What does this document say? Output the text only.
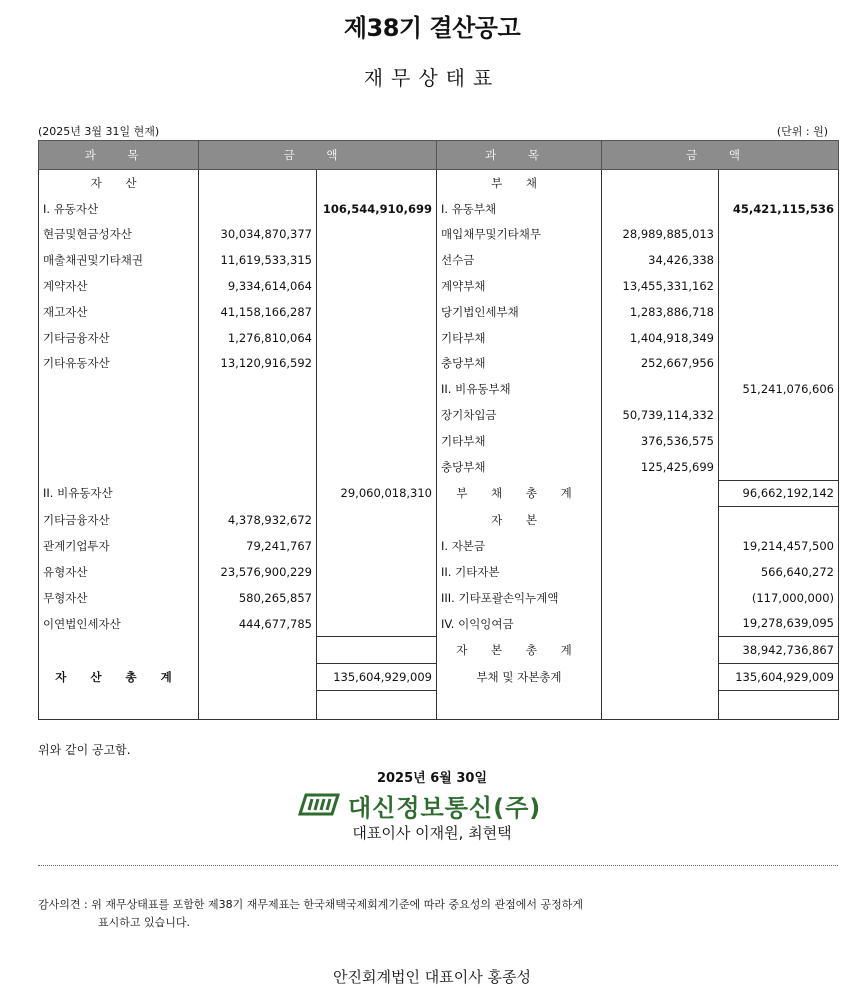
제38기 결산공고
재무상태표
(2025년 3월 31일 현재)	(단위 : 원)
과 목	금 액		과 목	금 액	
자 산			부 채		
I. 유동자산		106,544,910,699	I. 유동부채		45,421,115,536
현금및현금성자산	30,034,870,377		매입채무및기타채무	28,989,885,013	
매출채권및기타채권	11,619,533,315		선수금	34,426,338	
계약자산	9,334,614,064		계약부채	13,455,331,162	
재고자산	41,158,166,287		당기법인세부채	1,283,886,718	
기타금융자산	1,276,810,064		기타부채	1,404,918,349	
기타유동자산	13,120,916,592		충당부채	252,667,956	
			II. 비유동부채		51,241,076,606
			장기차입금	50,739,114,332	
			기타부채	376,536,575	
			충당부채	125,425,699	
II. 비유동자산		29,060,018,310	부 채 총 계		96,662,192,142
기타금융자산	4,378,932,672		자 본		
관계기업투자	79,241,767		I. 자본금		19,214,457,500
유형자산	23,576,900,229		II. 기타자본		566,640,272
무형자산	580,265,857		III. 기타포괄손익누계액		(117,000,000)
이연법인세자산	444,677,785		IV. 이익잉여금		19,278,639,095
			자 본 총 계		38,942,736,867
자 산 총 계		135,604,929,009	부채 및 자본총계		135,604,929,009

위와 같이 공고함.
2025년 6월 30일
대신정보통신(주)
대표이사 이재원, 최현택
감사의견 : 위 재무상태표를 포함한 제38기 재무제표는 한국채택국제회계기준에 따라 중요성의 관점에서 공정하게
표시하고 있습니다.
안진회계법인 대표이사 홍종성
